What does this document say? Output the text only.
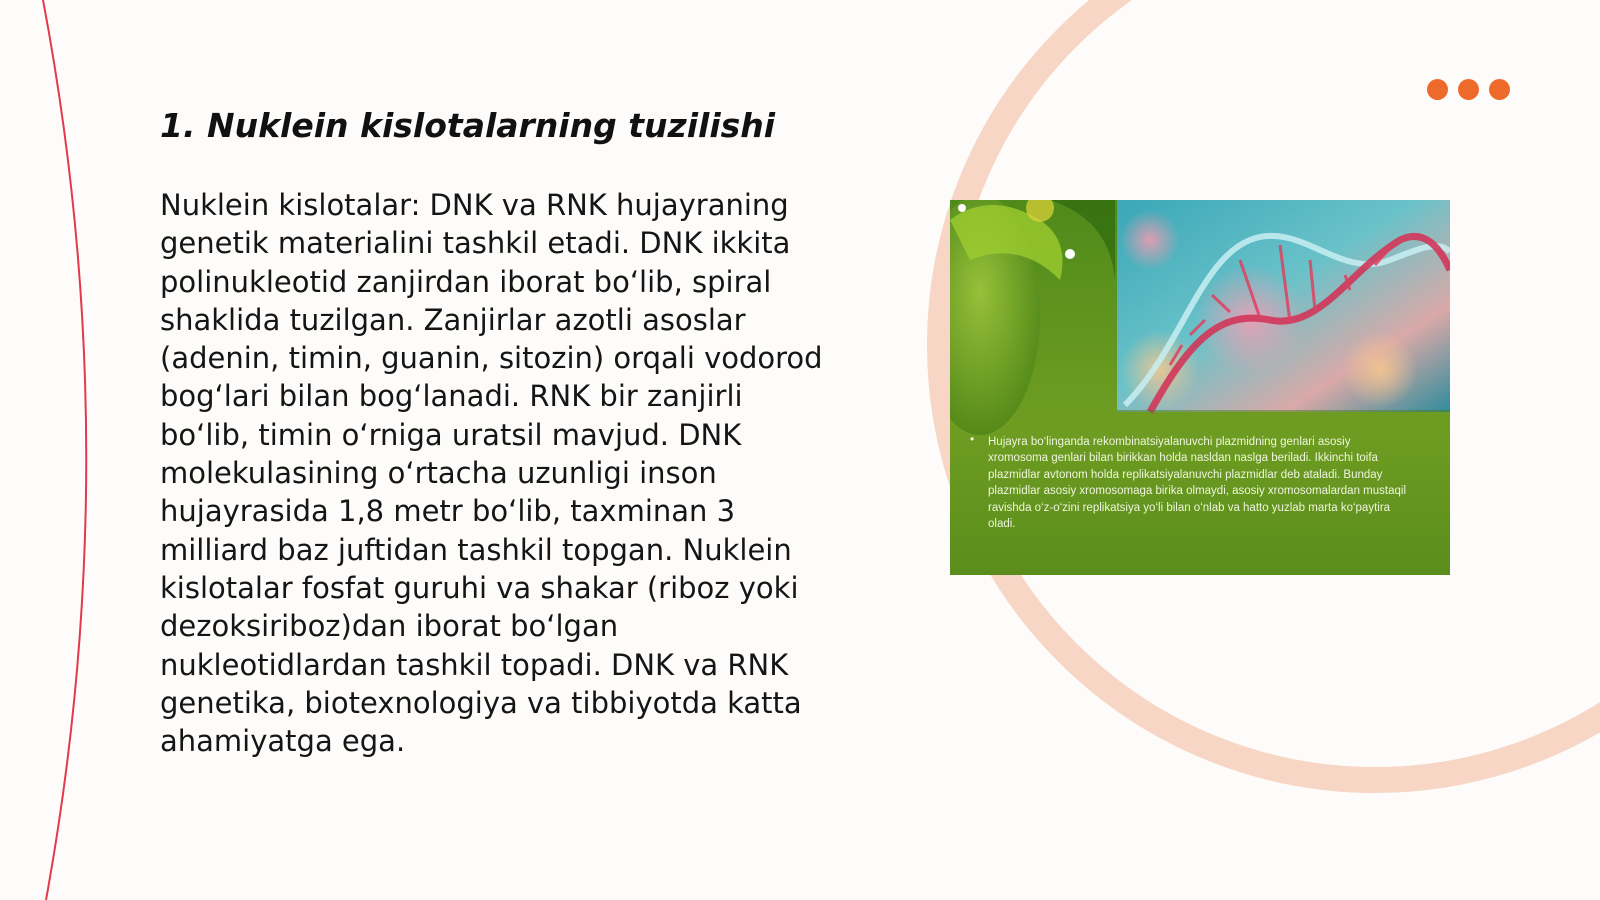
1. Nuklein kislotalarning tuzilishi

Nuklein kislotalar: DNK va RNK hujayraning genetik materialini tashkil etadi. DNK ikkita polinukleotid zanjirdan iborat bo‘lib, spiral shaklida tuzilgan. Zanjirlar azotli asoslar (adenin, timin, guanin, sitozin) orqali vodorod bog‘lari bilan bog‘lanadi. RNK bir zanjirli bo‘lib, timin o‘rniga uratsil mavjud. DNK molekulasining o‘rtacha uzunligi inson hujayrasida 1,8 metr bo‘lib, taxminan 3 milliard baz juftidan tashkil topgan. Nuklein kislotalar fosfat guruhi va shakar (riboz yoki dezoksiriboz)dan iborat bo‘lgan nukleotidlardan tashkil topadi. DNK va RNK genetika, biotexnologiya va tibbiyotda katta ahamiyatga ega.

• Hujayra bo‘linganda rekombinatsiyalanuvchi plazmidning genlari asosiy xromosoma genlari bilan birikkan holda nasldan naslga beriladi. Ikkinchi toifa plazmidlar avtonom holda replikatsiyalanuvchi plazmidlar deb ataladi. Bunday plazmidlar asosiy xromosomaga birika olmaydi, asosiy xromosomalardan mustaqil ravishda o‘z-o‘zini replikatsiya yo‘li bilan o‘nlab va hatto yuzlab marta ko‘paytira oladi.
